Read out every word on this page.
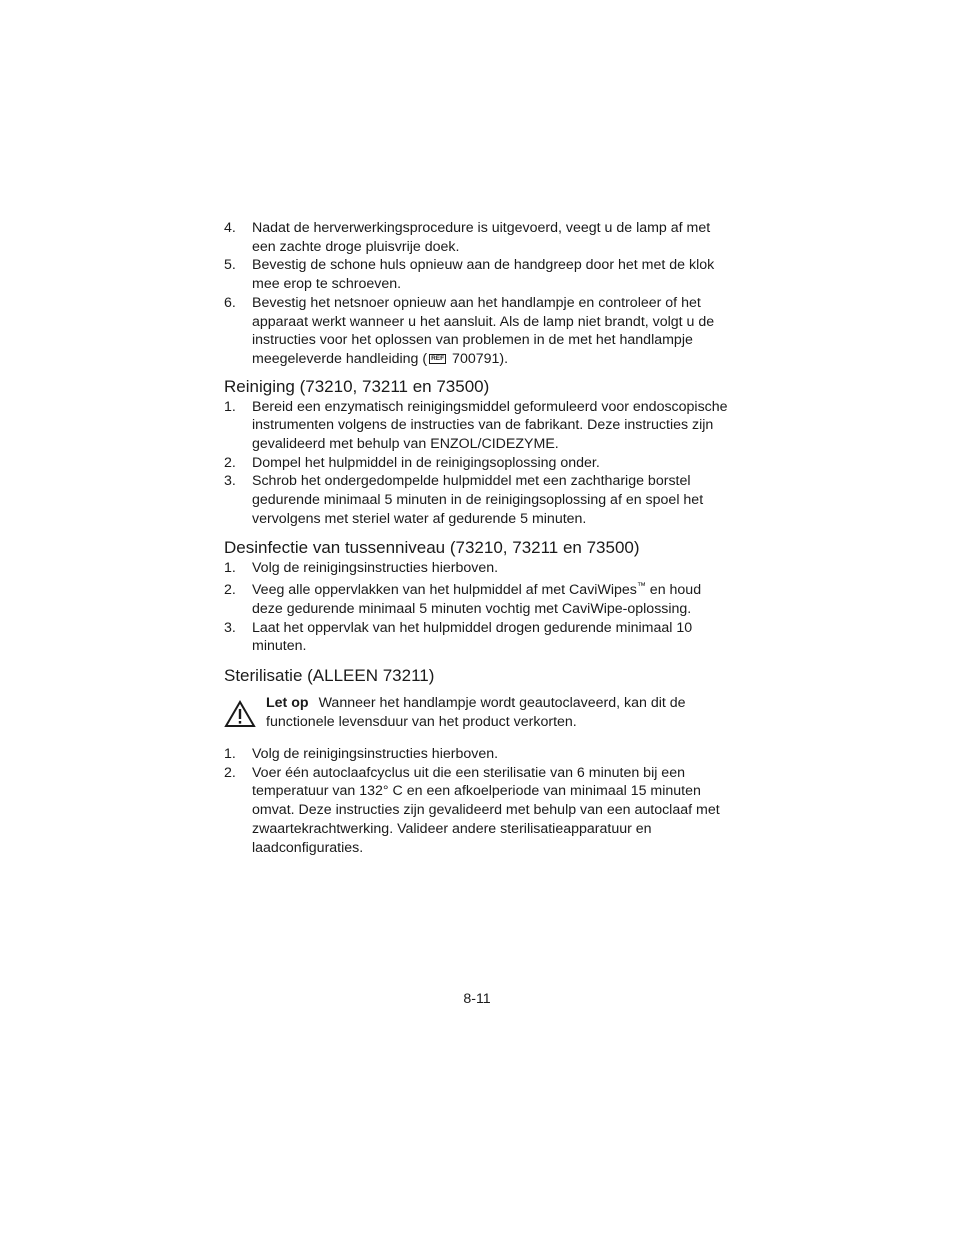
4.	Nadat de herverwerkingsprocedure is uitgevoerd, veegt u de lamp af met een zachte droge pluisvrije doek.
5.	Bevestig de schone huls opnieuw aan de handgreep door het met de klok mee erop te schroeven.
6.	Bevestig het netsnoer opnieuw aan het handlampje en controleer of het apparaat werkt wanneer u het aansluit. Als de lamp niet brandt, volgt u de instructies voor het oplossen van problemen in de met het handlampje meegeleverde handleiding ( REF 700791).
Reiniging (73210, 73211 en 73500)
1.	Bereid een enzymatisch reinigingsmiddel geformuleerd voor endoscopische instrumenten volgens de instructies van de fabrikant. Deze instructies zijn gevalideerd met behulp van ENZOL/CIDEZYME.
2.	Dompel het hulpmiddel in de reinigingsoplossing onder.
3.	Schrob het ondergedompelde hulpmiddel met een zachtharige borstel gedurende minimaal 5 minuten in de reinigingsoplossing af en spoel het vervolgens met steriel water af gedurende 5 minuten.
Desinfectie van tussenniveau (73210, 73211 en 73500)
1.	Volg de reinigingsinstructies hierboven.
2.	Veeg alle oppervlakken van het hulpmiddel af met CaviWipes™ en houd deze gedurende minimaal 5 minuten vochtig met CaviWipe-oplossing.
3.	Laat het oppervlak van het hulpmiddel drogen gedurende minimaal 10 minuten.
Sterilisatie (ALLEEN 73211)
Let op Wanneer het handlampje wordt geautoclaveerd, kan dit de functionele levensduur van het product verkorten.
1.	Volg de reinigingsinstructies hierboven.
2.	Voer één autoclaafcyclus uit die een sterilisatie van 6 minuten bij een temperatuur van 132° C en een afkoelperiode van minimaal 15 minuten omvat. Deze instructies zijn gevalideerd met behulp van een autoclaaf met zwaartekrachtwerking. Valideer andere sterilisatieapparatuur en laadconfiguraties.
8-11
